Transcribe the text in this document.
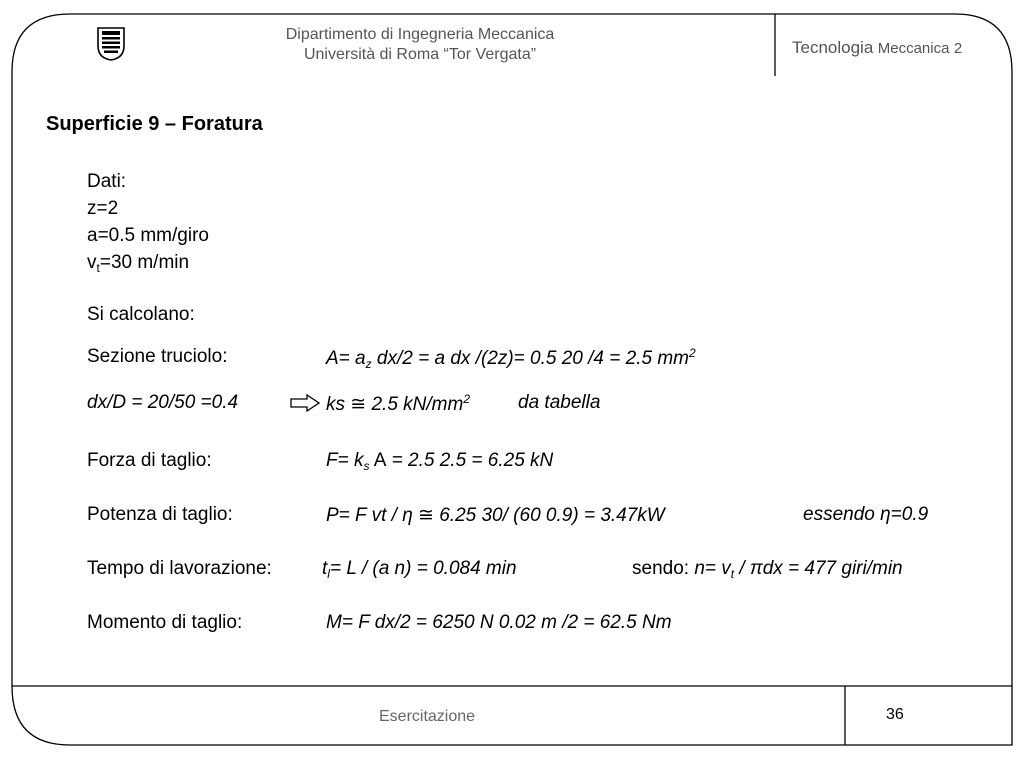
Dipartimento di Ingegneria Meccanica
Università di Roma “Tor Vergata”	Tecnologia Meccanica 2
Superficie 9 – Foratura
Dati:
z=2
a=0.5 mm/giro
$v_t=30$ m/min
Si calcolano:
Sezione truciolo:	$A= a_z$ dx/2 = a dx /(2z)= 0.5 20 /4 = 2.5 $mm^2$
dx/D = 20/50 =0.4	ks ≅ 2.5 $kN/mm^2$	da tabella
Forza di taglio:	$F= k_s$ A = 2.5 2.5 = 6.25 kN
Potenza di taglio:	P= F vt / η ≅ 6.25 30/ (60 0.9) = 3.47kW	essendo η=0.9
Tempo di lavorazione:	$t_l= L / (a$ n) = 0.084 min	sendo: $n= v_t / \pi dx = 477$ giri/min
Momento di taglio:	M= F dx/2 = 6250 N 0.02 m /2 = 62.5 Nm
Esercitazione	36
